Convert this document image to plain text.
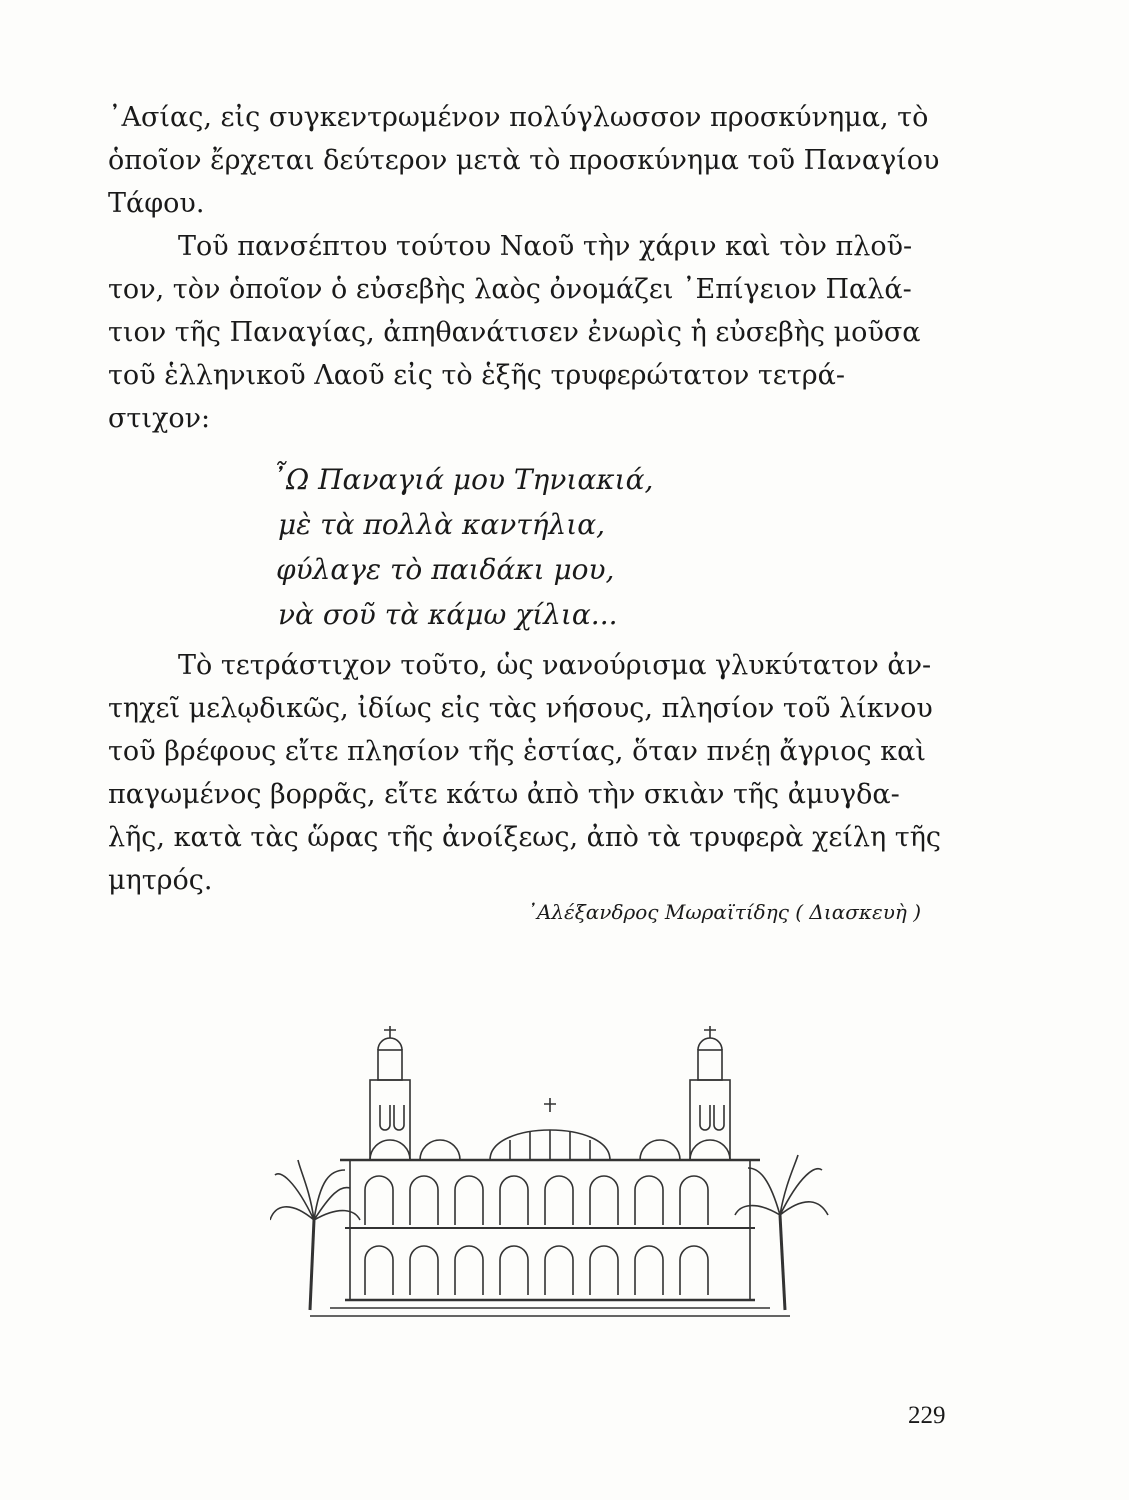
᾿Ασίας, εἰς συγκεντρωμένον πολύγλωσσον προσκύνημα, τὸ
ὁποῖον ἔρχεται δεύτερον μετὰ τὸ προσκύνημα τοῦ Παναγίου
Τάφου.

Τοῦ πανσέπτου τούτου Ναοῦ τὴν χάριν καὶ τὸν πλοῦ-
τον, τὸν ὁποῖον ὁ εὐσεβὴς λαὸς ὀνομάζει ᾿Επίγειον Παλά-
τιον τῆς Παναγίας, ἀπηθανάτισεν ἐνωρὶς ἡ εὐσεβὴς μοῦσα
τοῦ ἑλληνικοῦ Λαοῦ εἰς τὸ ἑξῆς τρυφερώτατον τετρά-
στιχον:

῏Ω Παναγιά μου Τηνιακιά,
μὲ τὰ πολλὰ καντήλια,
φύλαγε τὸ παιδάκι μου,
νὰ σοῦ τὰ κάμω χίλια...

Τὸ τετράστιχον τοῦτο, ὡς νανούρισμα γλυκύτατον ἀν-
τηχεῖ μελῳδικῶς, ἰδίως εἰς τὰς νήσους, πλησίον τοῦ λίκνου
τοῦ βρέφους εἴτε πλησίον τῆς ἑστίας, ὅταν πνέῃ ἄγριος καὶ
παγωμένος βορρᾶς, εἴτε κάτω ἀπὸ τὴν σκιὰν τῆς ἀμυγδα-
λῆς, κατὰ τὰς ὥρας τῆς ἀνοίξεως, ἀπὸ τὰ τρυφερὰ χείλη τῆς
μητρός.

᾿Αλέξανδρος Μωραϊτίδης ( Διασκευὴ )
229
